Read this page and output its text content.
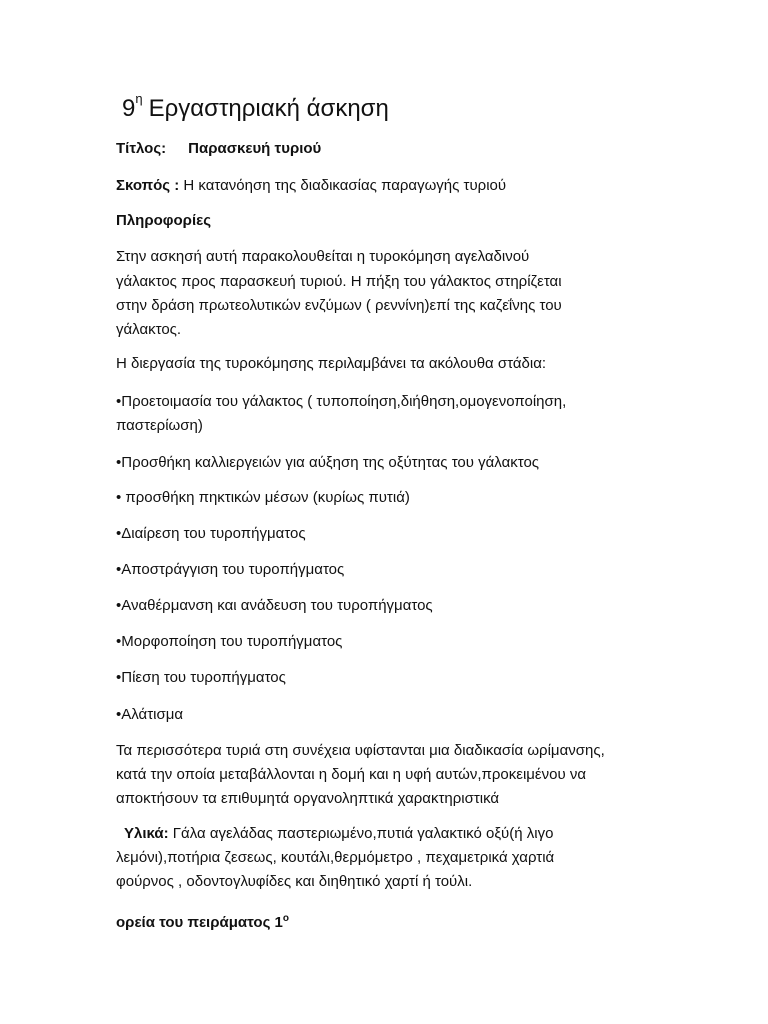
$9^\eta$ Εργαστηριακή άσκηση
Τίτλος: Παρασκευή τυριού
Σκοπός : Η κατανόηση της διαδικασίας παραγωγής τυριού
Πληροφορίες
Στην ασκησή αυτή παρακολουθείται η τυροκόμηση αγελαδινού
γάλακτος προς παρασκευή τυριού. Η πήξη του γάλακτος στηρίζεται
στην δράση πρωτεολυτικών ενζύμων ( ρεννίνη)επί της καζεΐνης του
γάλακτος.
Η διεργασία της τυροκόμησης περιλαμβάνει τα ακόλουθα στάδια:
•Προετοιμασία του γάλακτος ( τυποποίηση,διήθηση,ομογενοποίηση,
παστερίωση)
•Προσθήκη καλλιεργειών για αύξηση της οξύτητας του γάλακτος
• προσθήκη πηκτικών μέσων (κυρίως πυτιά)
•Διαίρεση του τυροπήγματος
•Αποστράγγιση του τυροπήγματος
•Αναθέρμανση και ανάδευση του τυροπήγματος
•Μορφοποίηση του τυροπήγματος
•Πίεση του τυροπήγματος
•Αλάτισμα
Τα περισσότερα τυριά στη συνέχεια υφίστανται μια διαδικασία ωρίμανσης,
κατά την οποία μεταβάλλονται η δομή και η υφή αυτών,προκειμένου να
αποκτήσουν τα επιθυμητά οργανοληπτικά χαρακτηριστικά
Υλικά: Γάλα αγελάδας παστεριωμένο,πυτιά γαλακτικό οξύ(ή λιγο
λεμόνι),ποτήρια ζεσεως, κουτάλι,θερμόμετρο , πεχαμετρικά χαρτιά
φούρνος , οδοντογλυφίδες και διηθητικό χαρτί ή τούλι.
ορεία του πειράματος $1^o$
